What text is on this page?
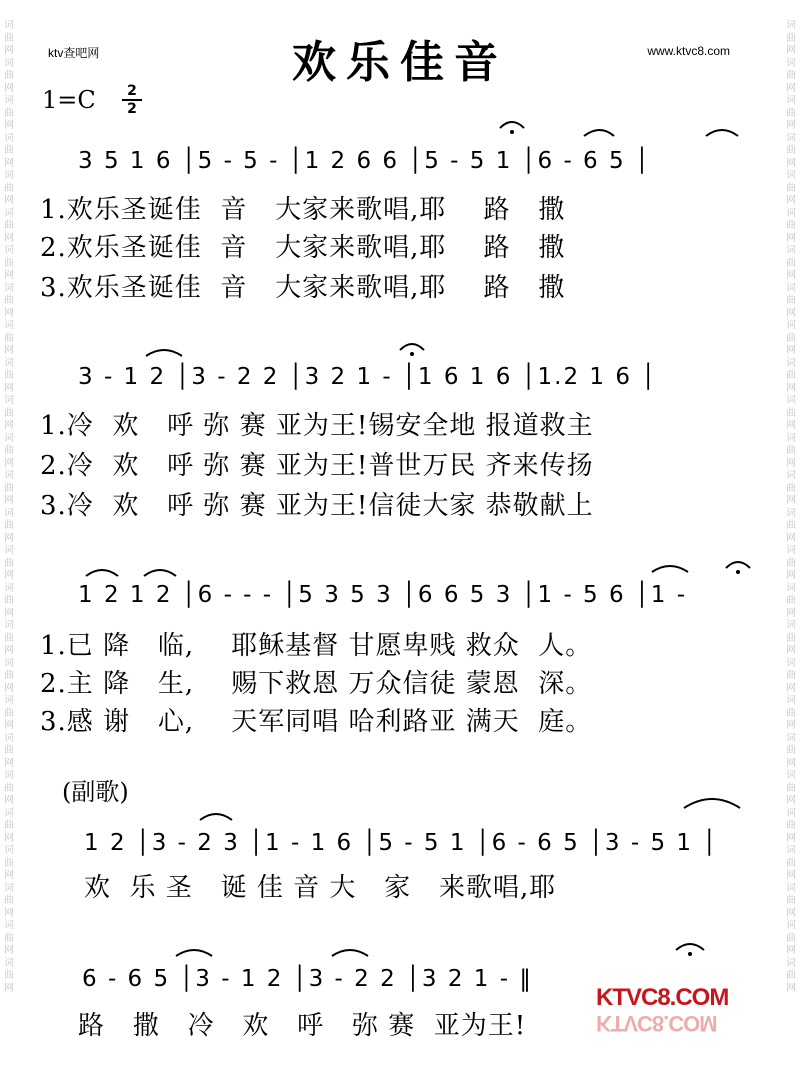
词
曲
网
词
曲
网
词
曲
网
词
曲
网
词
曲
网
词
曲
网
词
曲
网
词
曲
网
词
曲
网
词
曲
网
词
曲
网
词
曲
网
词
曲
网
词
曲
网
词
曲
网
词
曲
网
词
曲
网
词
曲
网
词
曲
网
词
曲
网
词
曲
网
词
曲
网
词
曲
网
词
曲
网
词
曲
网
词
曲
网
词
曲
网
词
曲
网
词
曲
网
词
曲
网
词
曲
网
词
曲
网
词
曲
网
词
曲
网
词
曲
网
词
曲
网
词
曲
网
词
曲
网
词
曲
网
词
曲
网
词
曲
网
词
曲
网
词
曲
网
词
曲
网
词
曲
网
词
曲
网
词
曲
网
词
曲
网
词
曲
网
词
曲
网
词
曲
网
词
曲
网
ktv查吧网	欢乐佳音	www.ktvc8.com
1=C	2
2
3 5 1 6 │5 - 5 - │1 2 6 6 │5 - 5 1 │6 - 6 5 │
1.欢乐圣诞佳  音   大家来歌唱,耶    路   撒
2.欢乐圣诞佳  音   大家来歌唱,耶    路   撒
3.欢乐圣诞佳  音   大家来歌唱,耶    路   撒
3 - 1 2 │3 - 2 2 │3 2 1 - │1 6 1 6 │1.2 1 6 │
1.冷  欢   呼 弥 赛 亚为王!锡安全地 报道救主
2.冷  欢   呼 弥 赛 亚为王!普世万民 齐来传扬
3.冷  欢   呼 弥 赛 亚为王!信徒大家 恭敬献上
1 2 1 2 │6 - - - │5 3 5 3 │6 6 5 3 │1 - 5 6 │1 -
1.已 降   临,    耶稣基督 甘愿卑贱 救众  人。
2.主 降   生,    赐下救恩 万众信徒 蒙恩  深。
3.感 谢   心,    天军同唱 哈利路亚 满天  庭。
(副歌)
1 2 │3 - 2 3 │1 - 1 6 │5 - 5 1 │6 - 6 5 │3 - 5 1 │
欢  乐 圣   诞 佳 音 大   家   来歌唱,耶
6 - 6 5 │3 - 1 2 │3 - 2 2 │3 2 1 - ‖
路   撒   冷   欢   呼   弥 赛  亚为王!
KTVC8.COM
KTVC8.COM
